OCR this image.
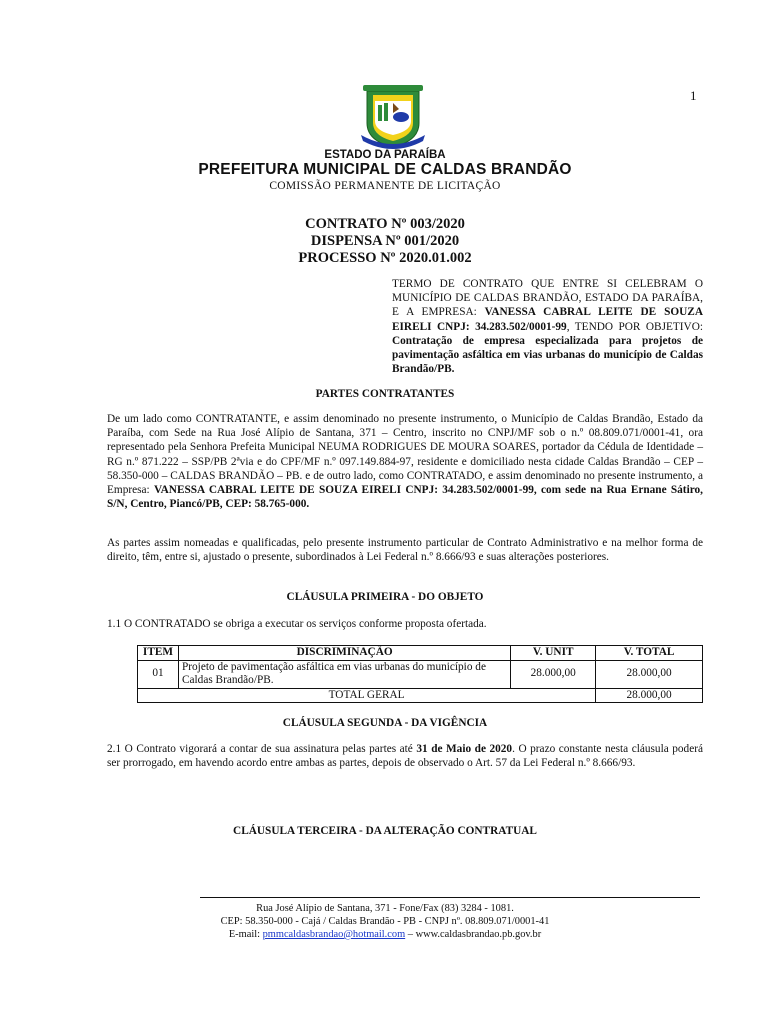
1
ESTADO DA PARAÍBA
PREFEITURA MUNICIPAL DE CALDAS BRANDÃO
COMISSÃO PERMANENTE DE LICITAÇÃO
CONTRATO Nº 003/2020
DISPENSA Nº 001/2020
PROCESSO Nº 2020.01.002
TERMO DE CONTRATO QUE ENTRE SI CELEBRAM O MUNICÍPIO DE CALDAS BRANDÃO, ESTADO DA PARAÍBA, E A EMPRESA: VANESSA CABRAL LEITE DE SOUZA EIRELI CNPJ: 34.283.502/0001-99, TENDO POR OBJETIVO: Contratação de empresa especializada para projetos de pavimentação asfáltica em vias urbanas do município de Caldas Brandão/PB.
PARTES CONTRATANTES
De um lado como CONTRATANTE, e assim denominado no presente instrumento, o Município de Caldas Brandão, Estado da Paraíba, com Sede na Rua José Alípio de Santana, 371 – Centro, inscrito no CNPJ/MF sob o n.º 08.809.071/0001-41, ora representado pela Senhora Prefeita Municipal NEUMA RODRIGUES DE MOURA SOARES, portador da Cédula de Identidade – RG n.º 871.222 – SSP/PB 2ªvia e do CPF/MF n.º 097.149.884-97, residente e domiciliado nesta cidade Caldas Brandão – CEP – 58.350-000 – CALDAS BRANDÃO – PB. e de outro lado, como CONTRATADO, e assim denominado no presente instrumento, a Empresa: VANESSA CABRAL LEITE DE SOUZA EIRELI CNPJ: 34.283.502/0001-99, com sede na Rua Ernane Sátiro, S/N, Centro, Piancó/PB, CEP: 58.765-000.
As partes assim nomeadas e qualificadas, pelo presente instrumento particular de Contrato Administrativo e na melhor forma de direito, têm, entre si, ajustado o presente, subordinados à Lei Federal n.º 8.666/93 e suas alterações posteriores.
CLÁUSULA PRIMEIRA - DO OBJETO
1.1 O CONTRATADO se obriga a executar os serviços conforme proposta ofertada.
ITEM	DISCRIMINAÇÃO	V. UNIT	V. TOTAL
01	Projeto de pavimentação asfáltica em vias urbanas do município de Caldas Brandão/PB.	28.000,00	28.000,00
TOTAL GERAL			28.000,00
CLÁUSULA SEGUNDA - DA VIGÊNCIA
2.1 O Contrato vigorará a contar de sua assinatura pelas partes até 31 de Maio de 2020. O prazo constante nesta cláusula poderá ser prorrogado, em havendo acordo entre ambas as partes, depois de observado o Art. 57 da Lei Federal n.º 8.666/93.
CLÁUSULA TERCEIRA - DA ALTERAÇÃO CONTRATUAL
Rua José Alípio de Santana, 371 - Fone/Fax (83) 3284 - 1081.
CEP: 58.350-000 - Cajá / Caldas Brandão - PB - CNPJ nº. 08.809.071/0001-41
E-mail: pmmcaldasbrandao@hotmail.com – www.caldasbrandao.pb.gov.br
